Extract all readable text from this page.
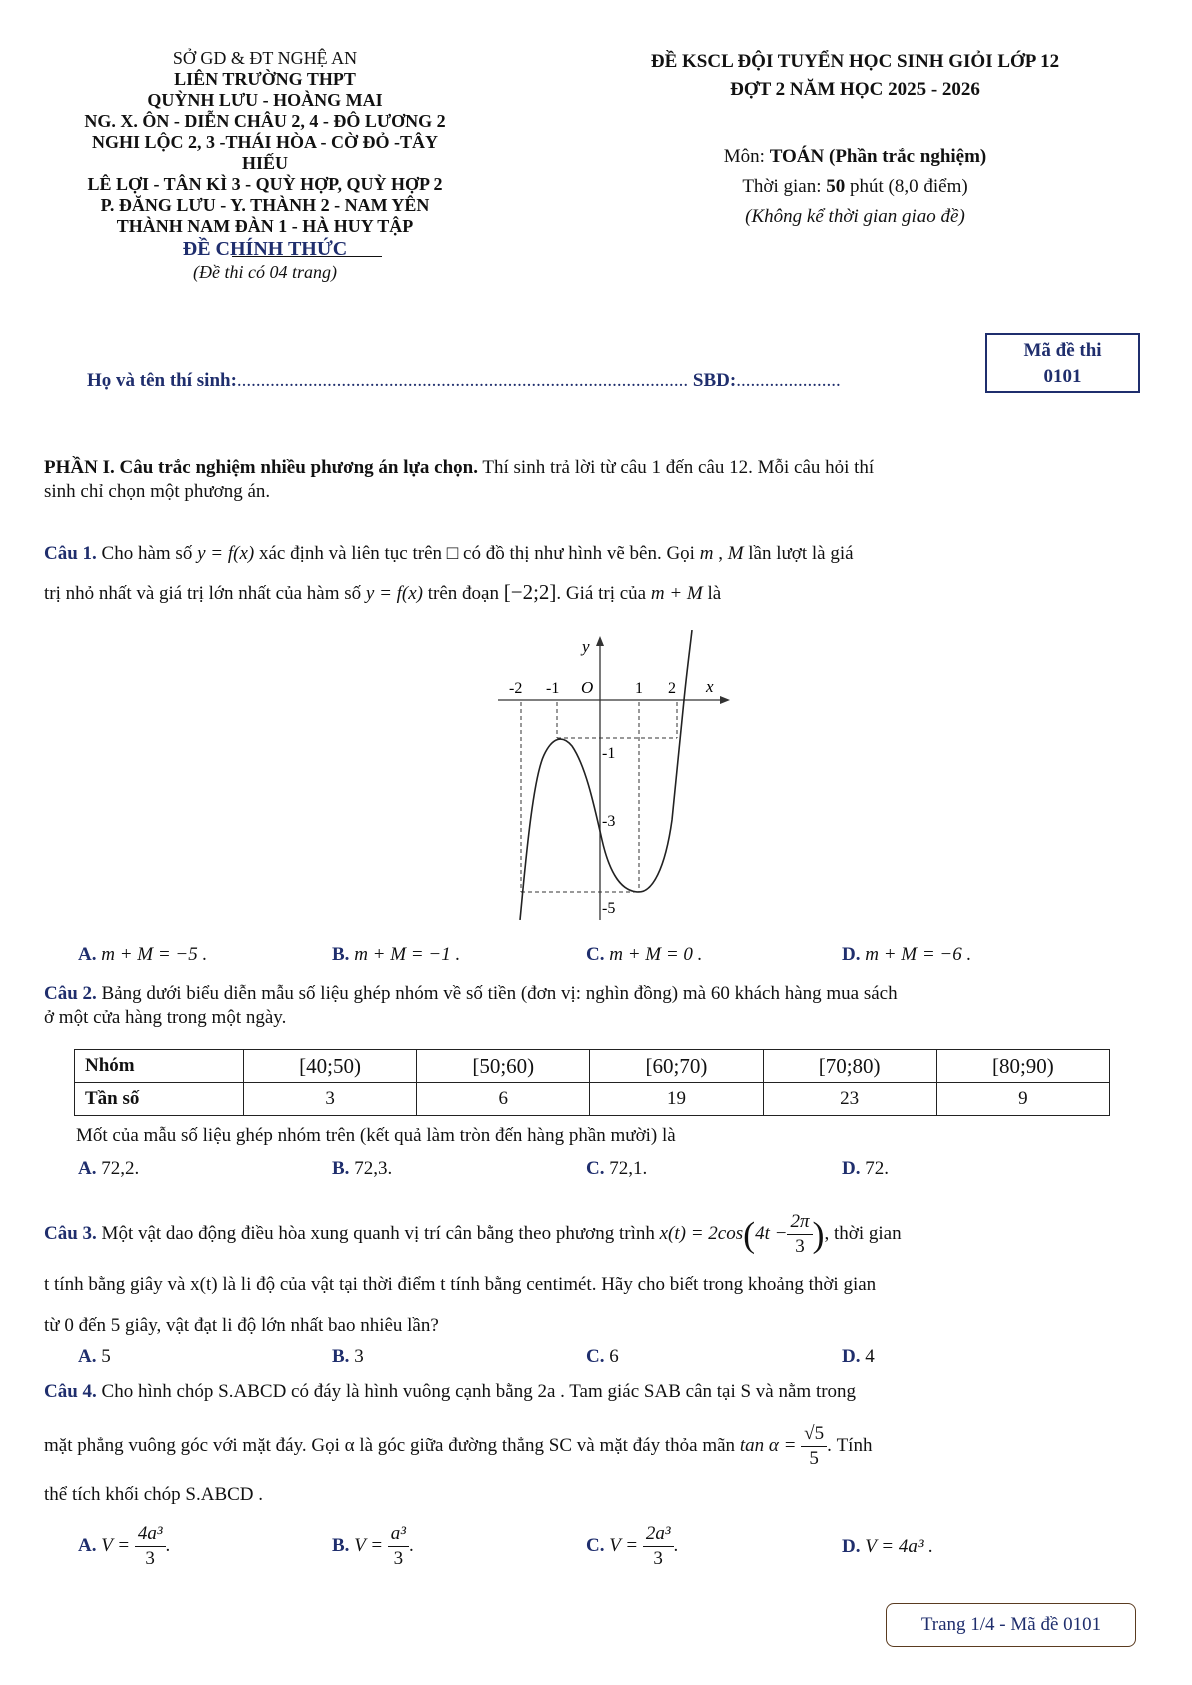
SỞ GD & ĐT NGHỆ AN
LIÊN TRƯỜNG THPT
QUỲNH LƯU - HOÀNG MAI
NG. X. ÔN - DIỄN CHÂU 2, 4 - ĐÔ LƯƠNG 2
NGHI LỘC 2, 3 -THÁI HÒA - CỜ ĐỎ -TÂY
HIẾU
LÊ LỢI - TÂN KÌ 3 - QUỲ HỢP, QUỲ HỢP 2
P. ĐĂNG LƯU - Y. THÀNH 2 - NAM YÊN
THÀNH NAM ĐÀN 1 - HÀ HUY TẬP
ĐỀ CHÍNH THỨC
(Đề thi có 04 trang)
ĐỀ KSCL ĐỘI TUYỂN HỌC SINH GIỎI LỚP 12
ĐỢT 2 NĂM HỌC 2025 - 2026
Môn: TOÁN (Phần trắc nghiệm)
Thời gian: 50 phút (8,0 điểm)
(Không kể thời gian giao đề)
Họ và tên thí sinh:............................................................................................... SBD:......................
Mã đề thi
0101
PHẦN I. Câu trắc nghiệm nhiều phương án lựa chọn. Thí sinh trả lời từ câu 1 đến câu 12. Mỗi câu hỏi thí
sinh chỉ chọn một phương án.
Câu 1. Cho hàm số y = f(x) xác định và liên tục trên □ có đồ thị như hình vẽ bên. Gọi m , M lần lượt là giá
trị nhỏ nhất và giá trị lớn nhất của hàm số y = f(x) trên đoạn [−2;2]. Giá trị của m + M là
y
x
O
-2 -1	1 2
-1
-3
-5
A. m + M = −5 .	B. m + M = −1 .	C. m + M = 0 .	D. m + M = −6 .
Câu 2. Bảng dưới biểu diễn mẫu số liệu ghép nhóm về số tiền (đơn vị: nghìn đồng) mà 60 khách hàng mua sách
ở một cửa hàng trong một ngày.
Nhóm	[40;50)	[50;60)	[60;70)	[70;80)	[80;90)
Tần số	3	6	19	23	9
Mốt của mẫu số liệu ghép nhóm trên (kết quả làm tròn đến hàng phần mười) là
A. 72,2.	B. 72,3.	C. 72,1.	D. 72.
Câu 3. Một vật dao động điều hòa xung quanh vị trí cân bằng theo phương trình $x(t) = 2\cos(4t - \frac{2\pi}{3}$ ), thời gian
t tính bằng giây và x(t) là li độ của vật tại thời điểm t tính bằng centimét. Hãy cho biết trong khoảng thời gian
từ 0 đến 5 giây, vật đạt li độ lớn nhất bao nhiêu lần?
A. 5	B. 3	C. 6	D. 4
Câu 4. Cho hình chóp S.ABCD có đáy là hình vuông cạnh bằng 2a . Tam giác SAB cân tại S và nằm trong
mặt phẳng vuông góc với mặt đáy. Gọi α là góc giữa đường thẳng SC và mặt đáy thỏa mãn $\tan \alpha = \frac{√5}{5}$ . Tính
thể tích khối chóp S.ABCD .
A. $V = \frac{\text{4a³}}{3}$ .	B. $V = \frac{\text{a³}}{3}$ .	C. $V = \frac{\text{2a³}}{3}$ .	D. V = 4a³ .
Trang 1/4 - Mã đề 0101
